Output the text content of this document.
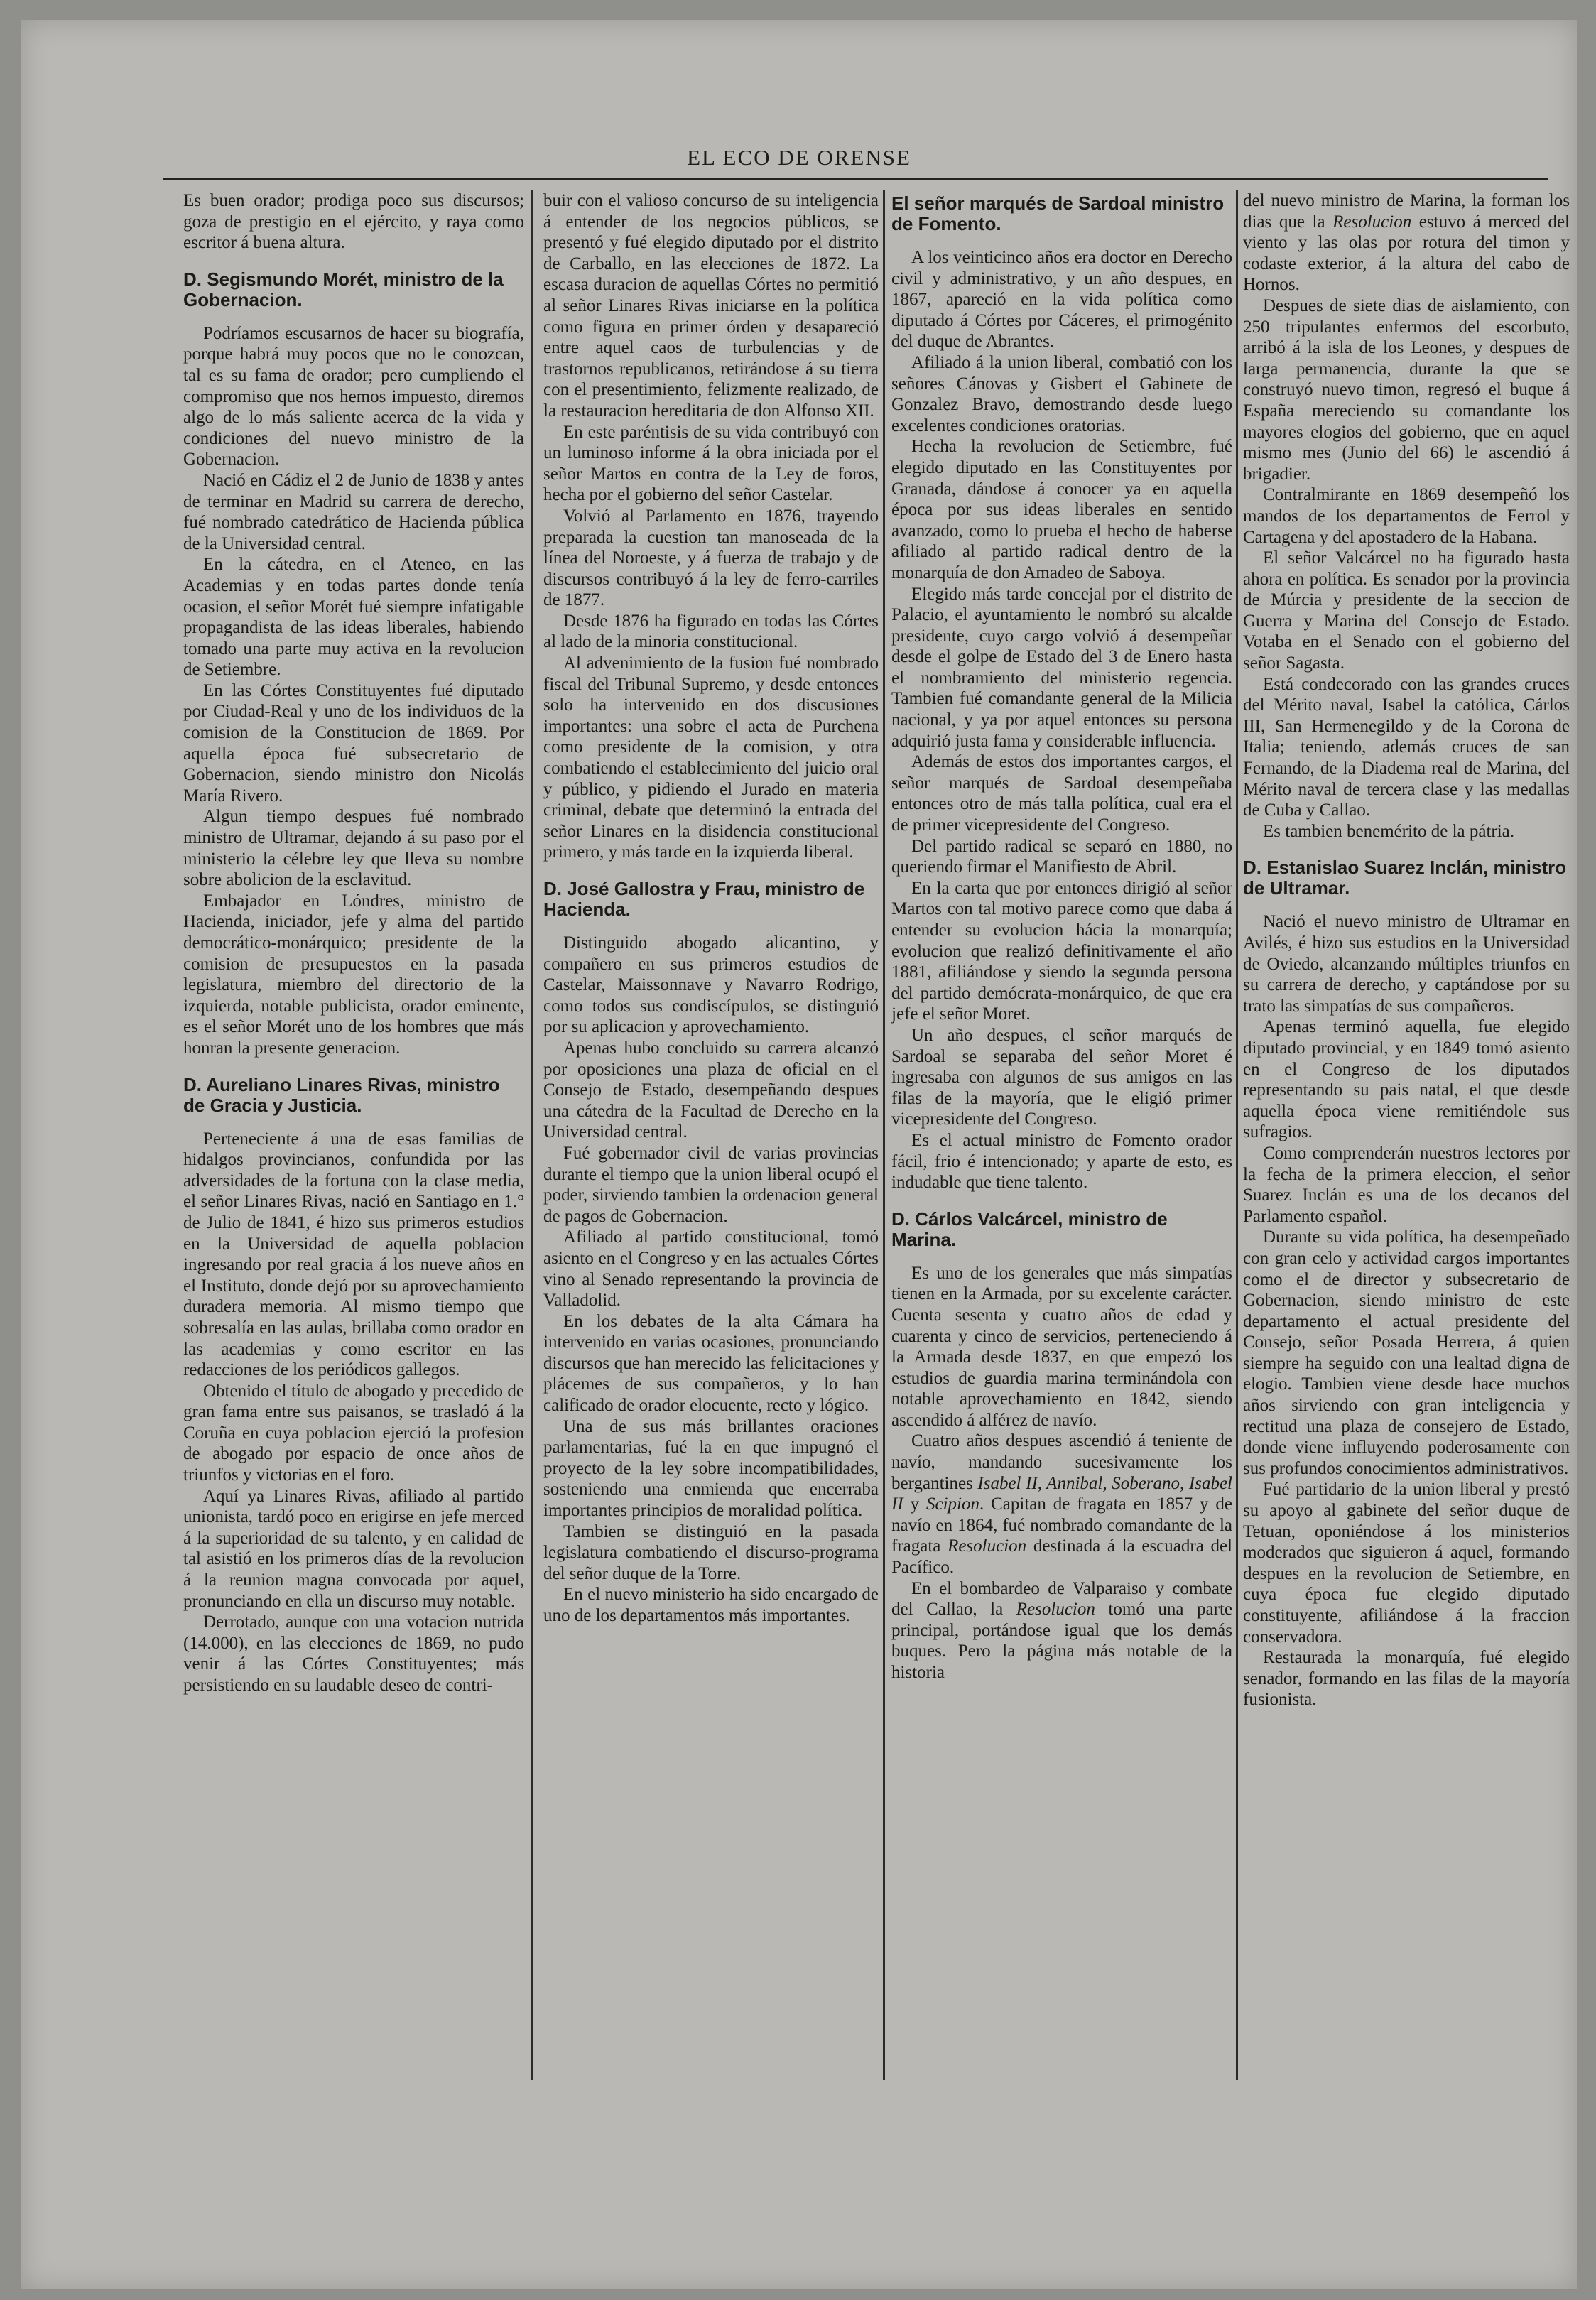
EL ECO DE ORENSE

Es buen orador; prodiga poco sus discursos; goza de prestigio en el ejército, y raya como escritor á buena altura.

D. Segismundo Morét, ministro de la Gobernacion.

Podríamos escusarnos de hacer su biografía, porque habrá muy pocos que no le conozcan, tal es su fama de orador; pero cumpliendo el compromiso que nos hemos impuesto, diremos algo de lo más saliente acerca de la vida y condiciones del nuevo ministro de la Gobernacion.

Nació en Cádiz el 2 de Junio de 1838 y antes de terminar en Madrid su carrera de derecho, fué nombrado catedrático de Hacienda pública de la Universidad central.

En la cátedra, en el Ateneo, en las Academias y en todas partes donde tenía ocasion, el señor Morét fué siempre infatigable propagandista de las ideas liberales, habiendo tomado una parte muy activa en la revolucion de Setiembre.

En las Córtes Constituyentes fué diputado por Ciudad-Real y uno de los individuos de la comision de la Constitucion de 1869. Por aquella época fué subsecretario de Gobernacion, siendo ministro don Nicolás María Rivero.

Algun tiempo despues fué nombrado ministro de Ultramar, dejando á su paso por el ministerio la célebre ley que lleva su nombre sobre abolicion de la esclavitud.

Embajador en Lóndres, ministro de Hacienda, iniciador, jefe y alma del partido democrático-monárquico; presidente de la comision de presupuestos en la pasada legislatura, miembro del directorio de la izquierda, notable publicista, orador eminente, es el señor Morét uno de los hombres que más honran la presente generacion.

D. Aureliano Linares Rivas, ministro de Gracia y Justicia.

Perteneciente á una de esas familias de hidalgos provincianos, confundida por las adversidades de la fortuna con la clase media, el señor Linares Rivas, nació en Santiago en 1.° de Julio de 1841, é hizo sus primeros estudios en la Universidad de aquella poblacion ingresando por real gracia á los nueve años en el Instituto, donde dejó por su aprovechamiento duradera memoria. Al mismo tiempo que sobresalía en las aulas, brillaba como orador en las academias y como escritor en las redacciones de los periódicos gallegos.

Obtenido el título de abogado y precedido de gran fama entre sus paisanos, se trasladó á la Coruña en cuya poblacion ejerció la profesion de abogado por espacio de once años de triunfos y victorias en el foro.

Aquí ya Linares Rivas, afiliado al partido unionista, tardó poco en erigirse en jefe merced á la superioridad de su talento, y en calidad de tal asistió en los primeros días de la revolucion á la reunion magna convocada por aquel, pronunciando en ella un discurso muy notable.

Derrotado, aunque con una votacion nutrida (14.000), en las elecciones de 1869, no pudo venir á las Córtes Constituyentes; más persistiendo en su laudable deseo de contri-

buir con el valioso concurso de su inteligencia á entender de los negocios públicos, se presentó y fué elegido diputado por el distrito de Carballo, en las elecciones de 1872. La escasa duracion de aquellas Córtes no permitió al señor Linares Rivas iniciarse en la política como figura en primer órden y desapareció entre aquel caos de turbulencias y de trastornos republicanos, retirándose á su tierra con el presentimiento, felizmente realizado, de la restauracion hereditaria de don Alfonso XII.

En este paréntisis de su vida contribuyó con un luminoso informe á la obra iniciada por el señor Martos en contra de la Ley de foros, hecha por el gobierno del señor Castelar.

Volvió al Parlamento en 1876, trayendo preparada la cuestion tan manoseada de la línea del Noroeste, y á fuerza de trabajo y de discursos contribuyó á la ley de ferro-carriles de 1877.

Desde 1876 ha figurado en todas las Córtes al lado de la minoria constitucional.

Al advenimiento de la fusion fué nombrado fiscal del Tribunal Supremo, y desde entonces solo ha intervenido en dos discusiones importantes: una sobre el acta de Purchena como presidente de la comision, y otra combatiendo el establecimiento del juicio oral y público, y pidiendo el Jurado en materia criminal, debate que determinó la entrada del señor Linares en la disidencia constitucional primero, y más tarde en la izquierda liberal.

D. José Gallostra y Frau, ministro de Hacienda.

Distinguido abogado alicantino, y compañero en sus primeros estudios de Castelar, Maissonnave y Navarro Rodrigo, como todos sus condiscípulos, se distinguió por su aplicacion y aprovechamiento.

Apenas hubo concluido su carrera alcanzó por oposiciones una plaza de oficial en el Consejo de Estado, desempeñando despues una cátedra de la Facultad de Derecho en la Universidad central.

Fué gobernador civil de varias provincias durante el tiempo que la union liberal ocupó el poder, sirviendo tambien la ordenacion general de pagos de Gobernacion.

Afiliado al partido constitucional, tomó asiento en el Congreso y en las actuales Córtes vino al Senado representando la provincia de Valladolid.

En los debates de la alta Cámara ha intervenido en varias ocasiones, pronunciando discursos que han merecido las felicitaciones y plácemes de sus compañeros, y lo han calificado de orador elocuente, recto y lógico.

Una de sus más brillantes oraciones parlamentarias, fué la en que impugnó el proyecto de la ley sobre incompatibilidades, sosteniendo una enmienda que encerraba importantes principios de moralidad política.

Tambien se distinguió en la pasada legislatura combatiendo el discurso-programa del señor duque de la Torre.

En el nuevo ministerio ha sido encargado de uno de los departamentos más importantes.

El señor marqués de Sardoal ministro de Fomento.

A los veinticinco años era doctor en Derecho civil y administrativo, y un año despues, en 1867, apareció en la vida política como diputado á Córtes por Cáceres, el primogénito del duque de Abrantes.

Afiliado á la union liberal, combatió con los señores Cánovas y Gisbert el Gabinete de Gonzalez Bravo, demostrando desde luego excelentes condiciones oratorias.

Hecha la revolucion de Setiembre, fué elegido diputado en las Constituyentes por Granada, dándose á conocer ya en aquella época por sus ideas liberales en sentido avanzado, como lo prueba el hecho de haberse afiliado al partido radical dentro de la monarquía de don Amadeo de Saboya.

Elegido más tarde concejal por el distrito de Palacio, el ayuntamiento le nombró su alcalde presidente, cuyo cargo volvió á desempeñar desde el golpe de Estado del 3 de Enero hasta el nombramiento del ministerio regencia. Tambien fué comandante general de la Milicia nacional, y ya por aquel entonces su persona adquirió justa fama y considerable influencia.

Además de estos dos importantes cargos, el señor marqués de Sardoal desempeñaba entonces otro de más talla política, cual era el de primer vicepresidente del Congreso.

Del partido radical se separó en 1880, no queriendo firmar el Manifiesto de Abril.

En la carta que por entonces dirigió al señor Martos con tal motivo parece como que daba á entender su evolucion hácia la monarquía; evolucion que realizó definitivamente el año 1881, afiliándose y siendo la segunda persona del partido demócrata-monárquico, de que era jefe el señor Moret.

Un año despues, el señor marqués de Sardoal se separaba del señor Moret é ingresaba con algunos de sus amigos en las filas de la mayoría, que le eligió primer vicepresidente del Congreso.

Es el actual ministro de Fomento orador fácil, frio é intencionado; y aparte de esto, es indudable que tiene talento.

D. Cárlos Valcárcel, ministro de Marina.

Es uno de los generales que más simpatías tienen en la Armada, por su excelente carácter. Cuenta sesenta y cuatro años de edad y cuarenta y cinco de servicios, perteneciendo á la Armada desde 1837, en que empezó los estudios de guardia marina terminándola con notable aprovechamiento en 1842, siendo ascendido á alférez de navío.

Cuatro años despues ascendió á teniente de navío, mandando sucesivamente los bergantines Isabel II, Annibal, Soberano, Isabel II y Scipion. Capitan de fragata en 1857 y de navío en 1864, fué nombrado comandante de la fragata Resolucion destinada á la escuadra del Pacífico.

En el bombardeo de Valparaiso y combate del Callao, la Resolucion tomó una parte principal, portándose igual que los demás buques. Pero la página más notable de la historia

del nuevo ministro de Marina, la forman los dias que la Resolucion estuvo á merced del viento y las olas por rotura del timon y codaste exterior, á la altura del cabo de Hornos.

Despues de siete dias de aislamiento, con 250 tripulantes enfermos del escorbuto, arribó á la isla de los Leones, y despues de larga permanencia, durante la que se construyó nuevo timon, regresó el buque á España mereciendo su comandante los mayores elogios del gobierno, que en aquel mismo mes (Junio del 66) le ascendió á brigadier.

Contralmirante en 1869 desempeñó los mandos de los departamentos de Ferrol y Cartagena y del apostadero de la Habana.

El señor Valcárcel no ha figurado hasta ahora en política. Es senador por la provincia de Múrcia y presidente de la seccion de Guerra y Marina del Consejo de Estado. Votaba en el Senado con el gobierno del señor Sagasta.

Está condecorado con las grandes cruces del Mérito naval, Isabel la católica, Cárlos III, San Hermenegildo y de la Corona de Italia; teniendo, además cruces de san Fernando, de la Diadema real de Marina, del Mérito naval de tercera clase y las medallas de Cuba y Callao.

Es tambien benemérito de la pátria.

D. Estanislao Suarez Inclán, ministro de Ultramar.

Nació el nuevo ministro de Ultramar en Avilés, é hizo sus estudios en la Universidad de Oviedo, alcanzando múltiples triunfos en su carrera de derecho, y captándose por su trato las simpatías de sus compañeros.

Apenas terminó aquella, fue elegido diputado provincial, y en 1849 tomó asiento en el Congreso de los diputados representando su pais natal, el que desde aquella época viene remitiéndole sus sufragios.

Como comprenderán nuestros lectores por la fecha de la primera eleccion, el señor Suarez Inclán es una de los decanos del Parlamento español.

Durante su vida política, ha desempeñado con gran celo y actividad cargos importantes como el de director y subsecretario de Gobernacion, siendo ministro de este departamento el actual presidente del Consejo, señor Posada Herrera, á quien siempre ha seguido con una lealtad digna de elogio. Tambien viene desde hace muchos años sirviendo con gran inteligencia y rectitud una plaza de consejero de Estado, donde viene influyendo poderosamente con sus profundos conocimientos administrativos.

Fué partidario de la union liberal y prestó su apoyo al gabinete del señor duque de Tetuan, oponiéndose á los ministerios moderados que siguieron á aquel, formando despues en la revolucion de Setiembre, en cuya época fue elegido diputado constituyente, afiliándose á la fraccion conservadora.

Restaurada la monarquía, fué elegido senador, formando en las filas de la mayoría fusionista.
